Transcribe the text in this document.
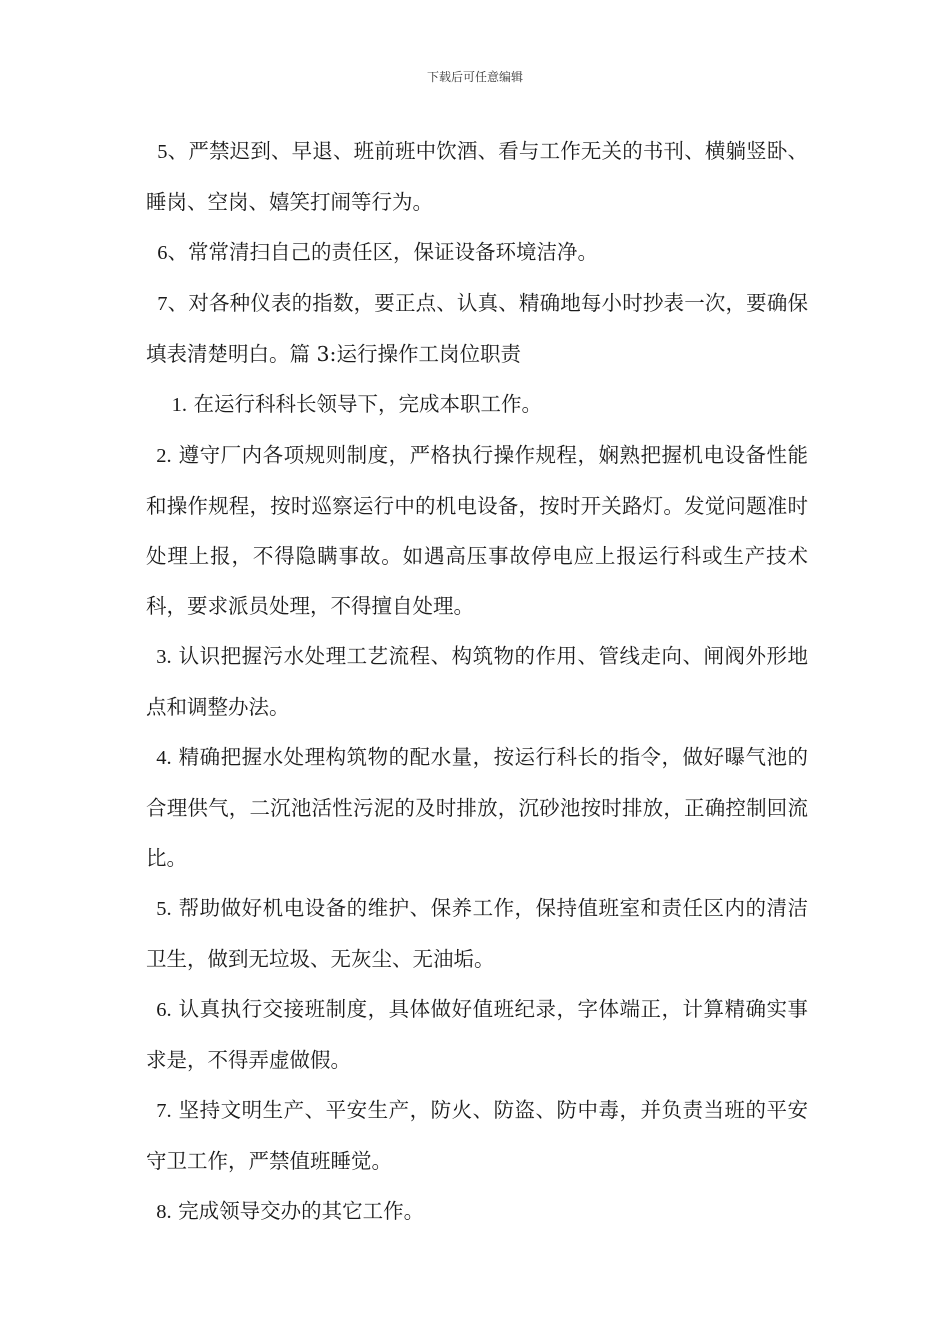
下载后可任意编辑

5、严禁迟到、早退、班前班中饮酒、看与工作无关的书刊、横躺竖卧、睡岗、空岗、嬉笑打闹等行为。

6、常常清扫自己的责任区，保证设备环境洁净。

7、对各种仪表的指数，要正点、认真、精确地每小时抄表一次，要确保填表清楚明白。篇 3:运行操作工岗位职责

1. 在运行科科长领导下，完成本职工作。

2. 遵守厂内各项规则制度，严格执行操作规程，娴熟把握机电设备性能和操作规程，按时巡察运行中的机电设备，按时开关路灯。发觉问题准时处理上报，不得隐瞒事故。如遇高压事故停电应上报运行科或生产技术科，要求派员处理，不得擅自处理。

3. 认识把握污水处理工艺流程、构筑物的作用、管线走向、闸阀外形地点和调整办法。

4. 精确把握水处理构筑物的配水量，按运行科长的指令，做好曝气池的合理供气，二沉池活性污泥的及时排放，沉砂池按时排放，正确控制回流比。

5. 帮助做好机电设备的维护、保养工作，保持值班室和责任区内的清洁卫生，做到无垃圾、无灰尘、无油垢。

6. 认真执行交接班制度，具体做好值班纪录，字体端正，计算精确实事求是，不得弄虚做假。

7. 坚持文明生产、平安生产，防火、防盗、防中毒，并负责当班的平安守卫工作，严禁值班睡觉。

8. 完成领导交办的其它工作。
